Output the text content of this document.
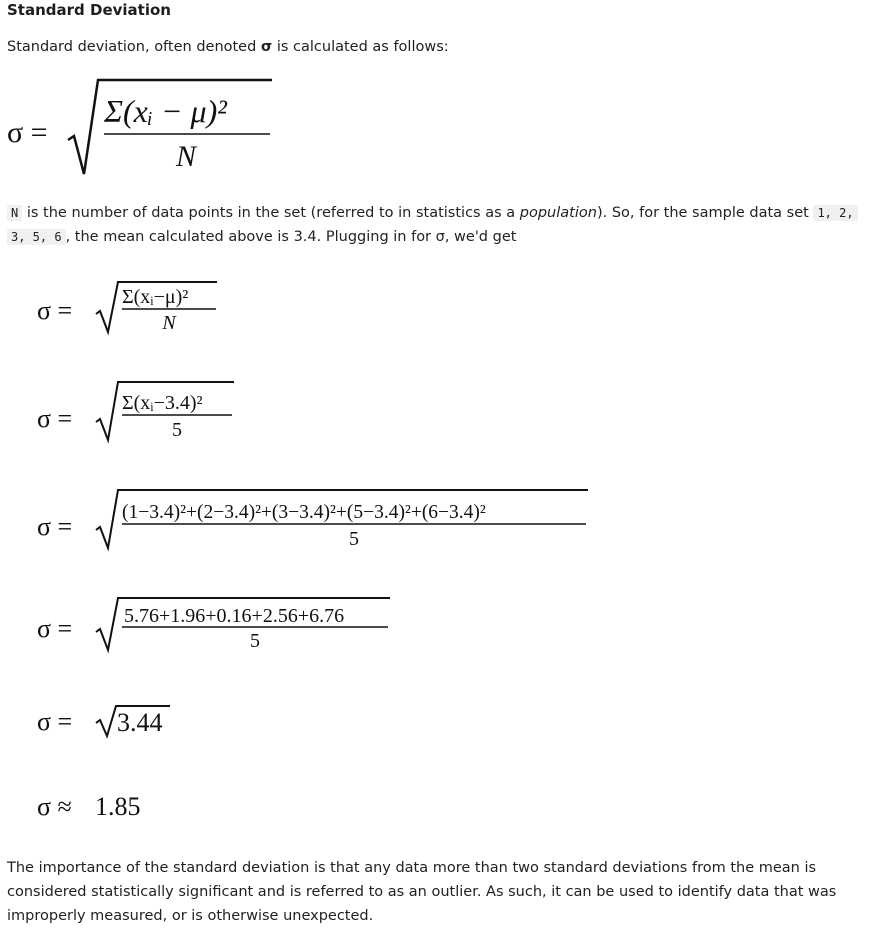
Standard Deviation
Standard deviation, often denoted σ is calculated as follows:
σ =
Σ(xᵢ − μ)²
N
N is the number of data points in the set (referred to in statistics as a population). So, for the sample data set 1, 2,
3, 5, 6 , the mean calculated above is 3.4. Plugging in for σ, we'd get
σ = Σ(xᵢ−μ)²
N
σ =
Σ(xᵢ−3.4)²
5
σ =	(1−3.4)²+(2−3.4)²+(3−3.4)²+(5−3.4)²+(6−3.4)²
5
σ =	5.76+1.96+0.16+2.56+6.76
5
σ = 3.44
σ ≈ 1.85
The importance of the standard deviation is that any data more than two standard deviations from the mean is considered statistically significant and is referred to as an outlier. As such, it can be used to identify data that was improperly measured, or is otherwise unexpected.
